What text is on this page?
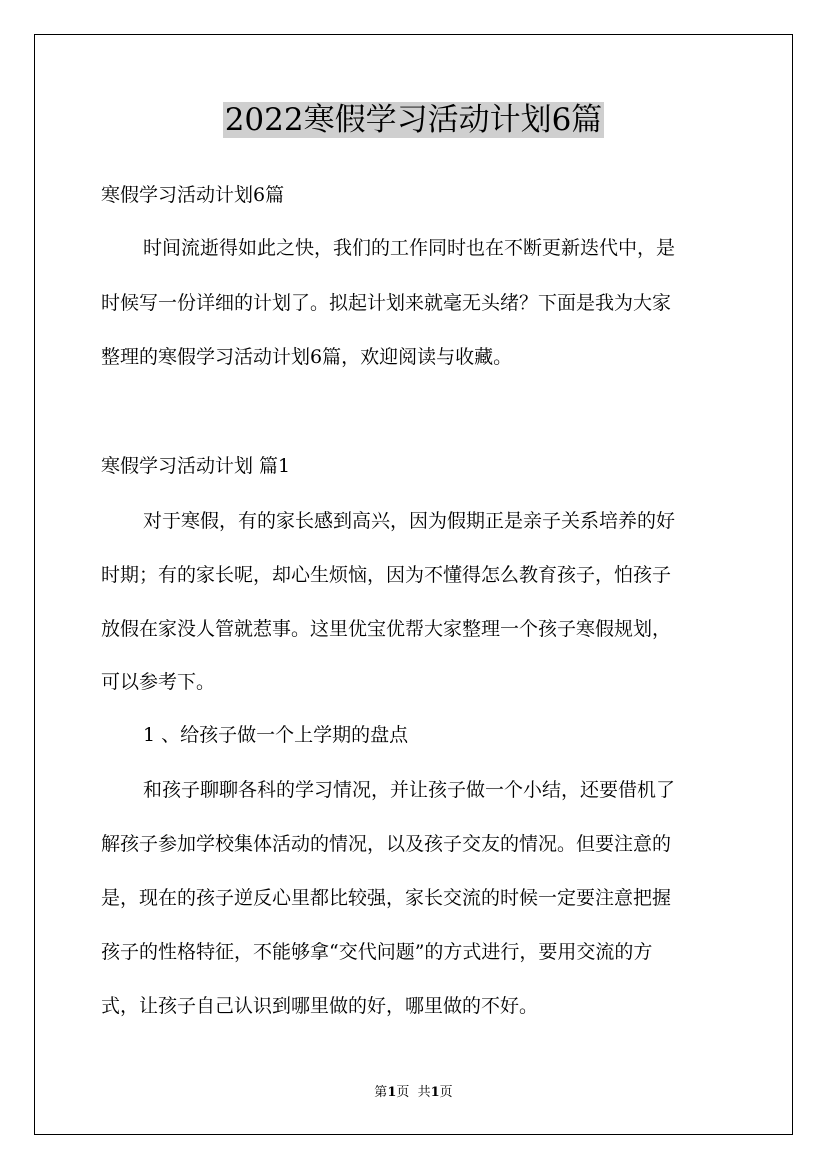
2022寒假学习活动计划6篇
寒假学习活动计划6篇
时间流逝得如此之快，我们的工作同时也在不断更新迭代中，是
时候写一份详细的计划了。拟起计划来就毫无头绪？下面是我为大家
整理的寒假学习活动计划6篇，欢迎阅读与收藏。
寒假学习活动计划 篇1
对于寒假，有的家长感到高兴，因为假期正是亲子关系培养的好
时期；有的家长呢，却心生烦恼，因为不懂得怎么教育孩子，怕孩子
放假在家没人管就惹事。这里优宝优帮大家整理一个孩子寒假规划，
可以参考下。
1 、给孩子做一个上学期的盘点
和孩子聊聊各科的学习情况，并让孩子做一个小结，还要借机了
解孩子参加学校集体活动的情况，以及孩子交友的情况。但要注意的
是，现在的孩子逆反心里都比较强，家长交流的时候一定要注意把握
孩子的性格特征，不能够拿“交代问题”的方式进行，要用交流的方
式，让孩子自己认识到哪里做的好，哪里做的不好。
第1页  共1页
